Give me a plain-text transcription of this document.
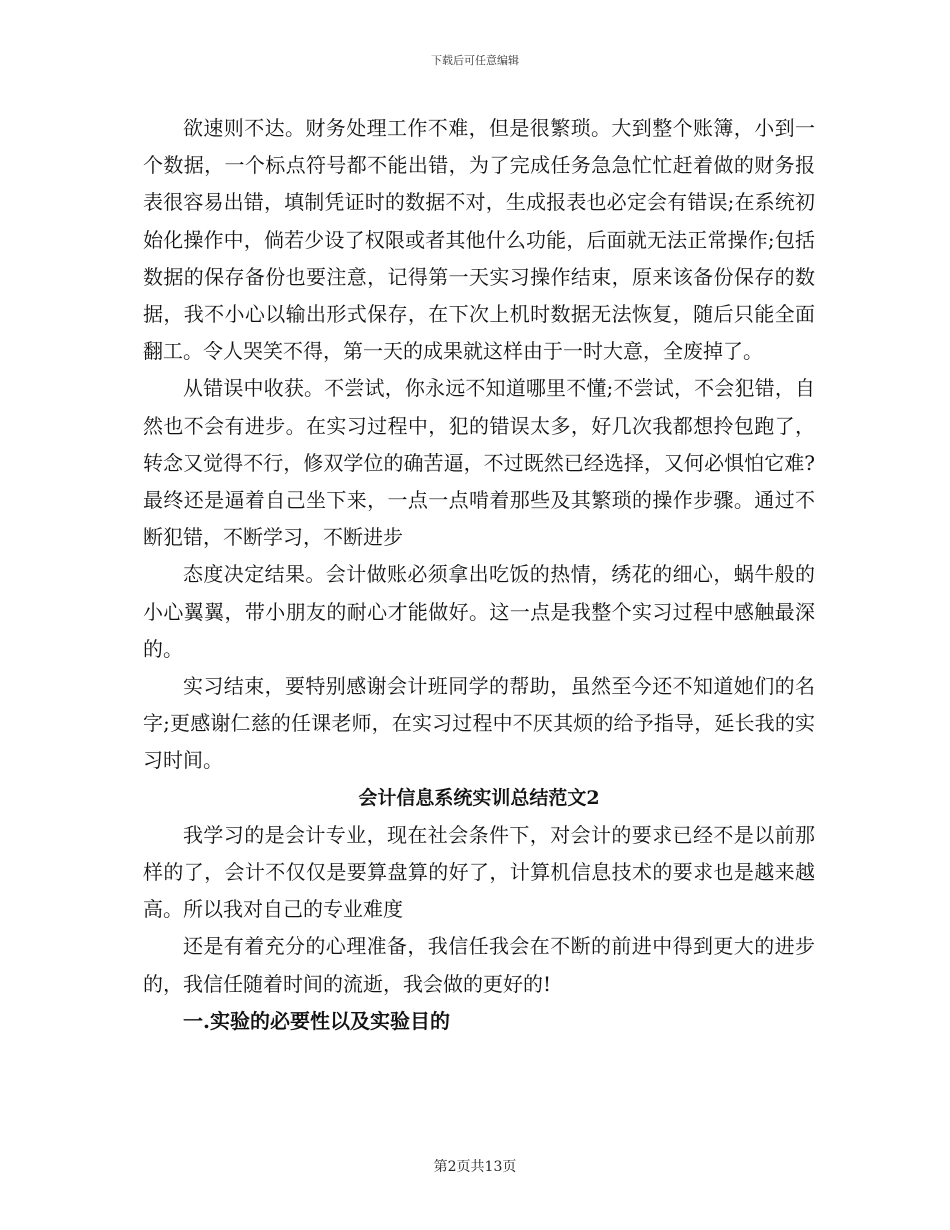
下载后可任意编辑

欲速则不达。财务处理工作不难，但是很繁琐。大到整个账簿，小到一个数据，一个标点符号都不能出错，为了完成任务急急忙忙赶着做的财务报表很容易出错，填制凭证时的数据不对，生成报表也必定会有错误;在系统初始化操作中，倘若少设了权限或者其他什么功能，后面就无法正常操作;包括数据的保存备份也要注意，记得第一天实习操作结束，原来该备份保存的数据，我不小心以输出形式保存，在下次上机时数据无法恢复，随后只能全面翻工。令人哭笑不得，第一天的成果就这样由于一时大意，全废掉了。

从错误中收获。不尝试，你永远不知道哪里不懂;不尝试，不会犯错，自然也不会有进步。在实习过程中，犯的错误太多，好几次我都想拎包跑了，转念又觉得不行，修双学位的确苦逼，不过既然已经选择，又何必惧怕它难?最终还是逼着自己坐下来，一点一点啃着那些及其繁琐的操作步骤。通过不断犯错，不断学习，不断进步

态度决定结果。会计做账必须拿出吃饭的热情，绣花的细心，蜗牛般的小心翼翼，带小朋友的耐心才能做好。这一点是我整个实习过程中感触最深的。

实习结束，要特别感谢会计班同学的帮助，虽然至今还不知道她们的名字;更感谢仁慈的任课老师，在实习过程中不厌其烦的给予指导，延长我的实习时间。

会计信息系统实训总结范文2

我学习的是会计专业，现在社会条件下，对会计的要求已经不是以前那样的了，会计不仅仅是要算盘算的好了，计算机信息技术的要求也是越来越高。所以我对自己的专业难度

还是有着充分的心理准备，我信任我会在不断的前进中得到更大的进步的，我信任随着时间的流逝，我会做的更好的!

一.实验的必要性以及实验目的
第2页共13页
